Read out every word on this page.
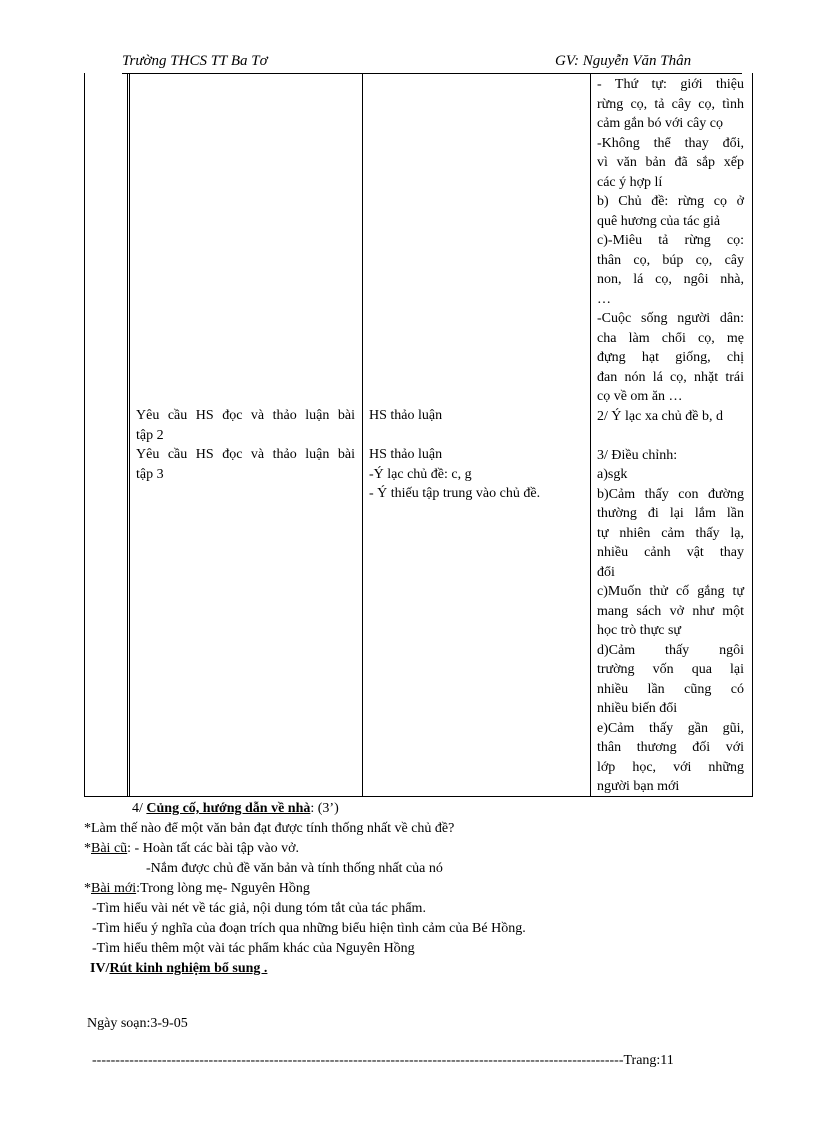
Trường THCS TT Ba Tơ	GV: Nguyễn Văn Thân

Yêu cầu HS đọc và thảo luận bài

tập 2

Yêu cầu HS đọc và thảo luận bài

tập 3

HS thảo luận

HS thảo luận

-Ý lạc chủ đề: c, g

- Ý thiếu tập trung vào chủ đề.

- Thứ tự: giới thiệu

rừng cọ, tả cây cọ, tình

cảm gắn bó với cây cọ

-Không thể thay đổi,

vì văn bản đã sắp xếp

các ý hợp lí

b) Chủ đề: rừng cọ ở

quê hương của tác giả

c)-Miêu tả rừng cọ:

thân cọ, búp cọ, cây

non, lá cọ, ngôi nhà,

…

-Cuộc sống người dân:

cha làm chổi cọ, mẹ

đựng hạt giống, chị

đan nón lá cọ, nhặt trái

cọ về om ăn …

2/ Ý lạc xa chủ đề b, d

3/ Điều chỉnh:

a)sgk

b)Cảm thấy con đường

thường đi lại lắm lần

tự nhiên cảm thấy lạ,

nhiều cảnh vật thay

đổi

c)Muốn thử cố gắng tự

mang sách vở như một

học trò thực sự

d)Cảm thấy ngôi

trường vốn qua lại

nhiều lần cũng có

nhiều biến đổi

e)Cảm thấy gần gũi,

thân thương đối với

lớp học, với những

người bạn mới

4/ Củng cố, hướng dẫn về nhà: (3’)

*Làm thế nào để một văn bản đạt được tính thống nhất về chủ đề?

*Bài cũ: - Hoàn tất các bài tập vào vở.

-Nắm được chủ đề văn bản và tính thống nhất của nó

*Bài mới:Trong lòng mẹ- Nguyên Hồng

-Tìm hiểu vài nét về tác giả, nội dung tóm tắt của tác phẩm.

-Tìm hiểu ý nghĩa của đoạn trích qua những biểu hiện tình cảm của Bé Hồng.

-Tìm hiểu thêm một vài tác phẩm khác của Nguyên Hồng

IV/Rút kinh nghiệm bổ sung .

Ngày soạn:3-9-05
------------------------------------------------------------------------------------------------------------------Trang:11
